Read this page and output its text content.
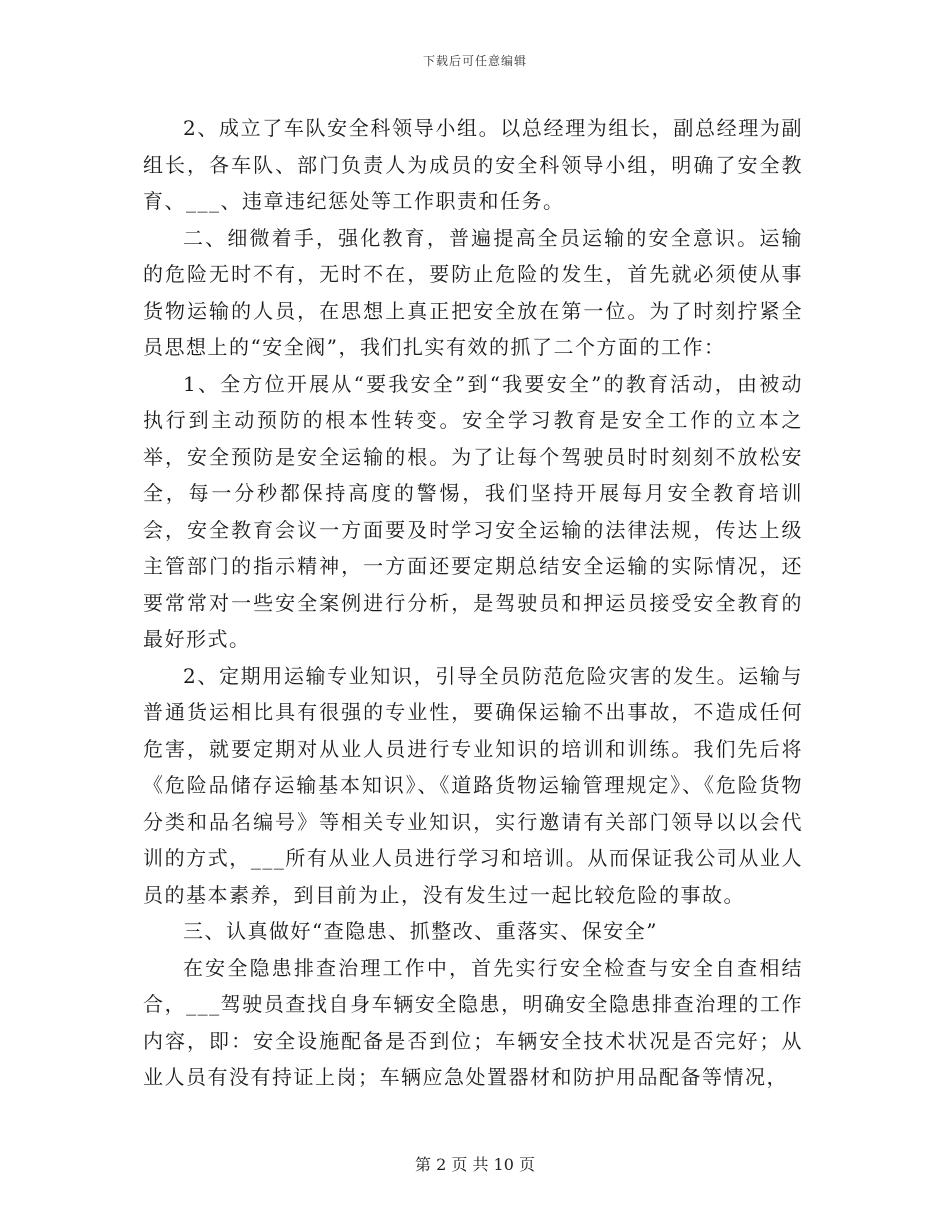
下载后可任意编辑

2、成立了车队安全科领导小组。以总经理为组长，副总经理为副组长，各车队、部门负责人为成员的安全科领导小组，明确了安全教育、___、违章违纪惩处等工作职责和任务。

二、细微着手，强化教育，普遍提高全员运输的安全意识。运输的危险无时不有，无时不在，要防止危险的发生，首先就必须使从事货物运输的人员，在思想上真正把安全放在第一位。为了时刻拧紧全员思想上的“安全阀”，我们扎实有效的抓了二个方面的工作：

1、全方位开展从“要我安全”到“我要安全”的教育活动，由被动执行到主动预防的根本性转变。安全学习教育是安全工作的立本之举，安全预防是安全运输的根。为了让每个驾驶员时时刻刻不放松安全，每一分秒都保持高度的警惕，我们坚持开展每月安全教育培训会，安全教育会议一方面要及时学习安全运输的法律法规，传达上级主管部门的指示精神，一方面还要定期总结安全运输的实际情况，还要常常对一些安全案例进行分析，是驾驶员和押运员接受安全教育的最好形式。

2、定期用运输专业知识，引导全员防范危险灾害的发生。运输与普通货运相比具有很强的专业性，要确保运输不出事故，不造成任何危害，就要定期对从业人员进行专业知识的培训和训练。我们先后将《危险品储存运输基本知识》、《道路货物运输管理规定》、《危险货物分类和品名编号》等相关专业知识，实行邀请有关部门领导以以会代训的方式，___所有从业人员进行学习和培训。从而保证我公司从业人员的基本素养，到目前为止，没有发生过一起比较危险的事故。

三、认真做好“查隐患、抓整改、重落实、保安全”

在安全隐患排查治理工作中，首先实行安全检查与安全自查相结合，___驾驶员查找自身车辆安全隐患，明确安全隐患排查治理的工作内容，即：安全设施配备是否到位；车辆安全技术状况是否完好；从业人员有没有持证上岗；车辆应急处置器材和防护用品配备等情况，

第 2 页 共 10 页
